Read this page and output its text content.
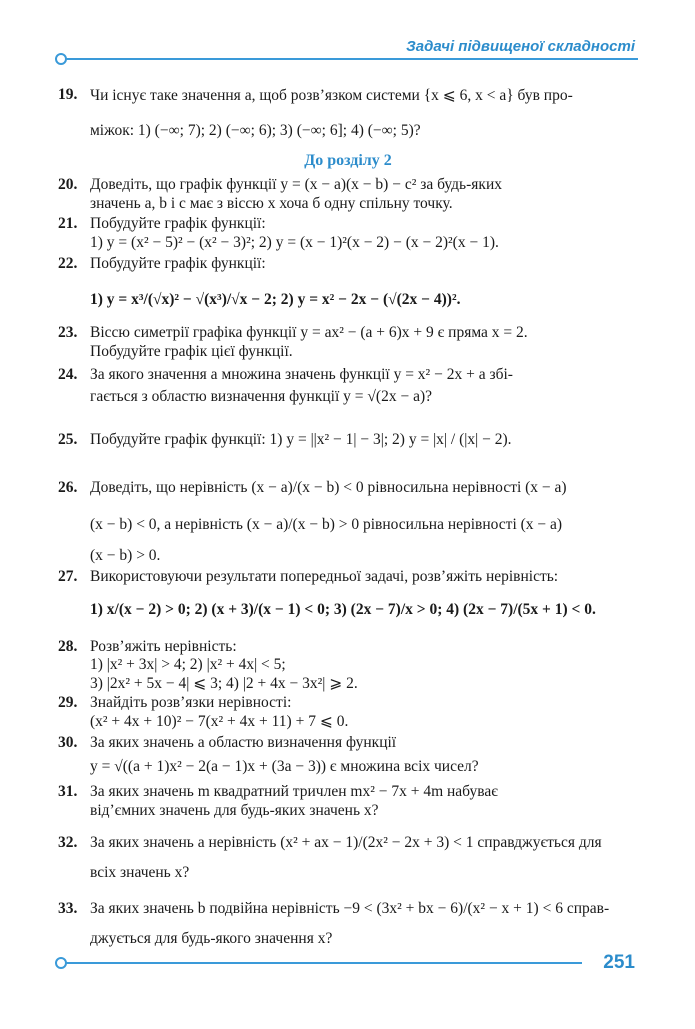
Задачі підвищеної складності
19. Чи існує таке значення a, щоб розв’язком системи {x ⩽ 6, x < a} був про-
міжок: 1) (−∞; 7); 2) (−∞; 6); 3) (−∞; 6]; 4) (−∞; 5)?
До розділу 2
20. Доведіть, що графік функції y = (x − a)(x − b) − c² за будь-яких
значень a, b і c має з віссю x хоча б одну спільну точку.
21. Побудуйте графік функції:
1) y = (x² − 5)² − (x² − 3)²; 2) y = (x − 1)²(x − 2) − (x − 2)²(x − 1).
22. Побудуйте графік функції:
1) y = x³/(√x)² − √(x³)/√x − 2; 2) y = x² − 2x − (√(2x − 4))².
23. Віссю симетрії графіка функції y = ax² − (a + 6)x + 9 є пряма x = 2.
Побудуйте графік цієї функції.
24. За якого значення a множина значень функції y = x² − 2x + a збі-
гається з областю визначення функції y = √(2x − a)?
25. Побудуйте графік функції: 1) y = ||x² − 1| − 3|; 2) y = |x| / (|x| − 2).
26. Доведіть, що нерівність (x − a)/(x − b) < 0 рівносильна нерівності (x − a)
(x − b) < 0, а нерівність (x − a)/(x − b) > 0 рівносильна нерівності (x − a)
(x − b) > 0.
27. Використовуючи результати попередньої задачі, розв’яжіть нерівність:
1) x/(x − 2) > 0; 2) (x + 3)/(x − 1) < 0; 3) (2x − 7)/x > 0; 4) (2x − 7)/(5x + 1) < 0.
28. Розв’яжіть нерівність:
1) |x² + 3x| > 4; 2) |x² + 4x| < 5;
3) |2x² + 5x − 4| ⩽ 3; 4) |2 + 4x − 3x²| ⩾ 2.
29. Знайдіть розв’язки нерівності:
(x² + 4x + 10)² − 7(x² + 4x + 11) + 7 ⩽ 0.
30. За яких значень a областю визначення функції
y = √((a + 1)x² − 2(a − 1)x + (3a − 3)) є множина всіх чисел?
31. За яких значень m квадратний тричлен mx² − 7x + 4m набуває
від’ємних значень для будь-яких значень x?
32. За яких значень a нерівність (x² + ax − 1)/(2x² − 2x + 3) < 1 справджується для
всіх значень x?
33. За яких значень b подвійна нерівність −9 < (3x² + bx − 6)/(x² − x + 1) < 6 справ-
джується для будь-якого значення x?
251
